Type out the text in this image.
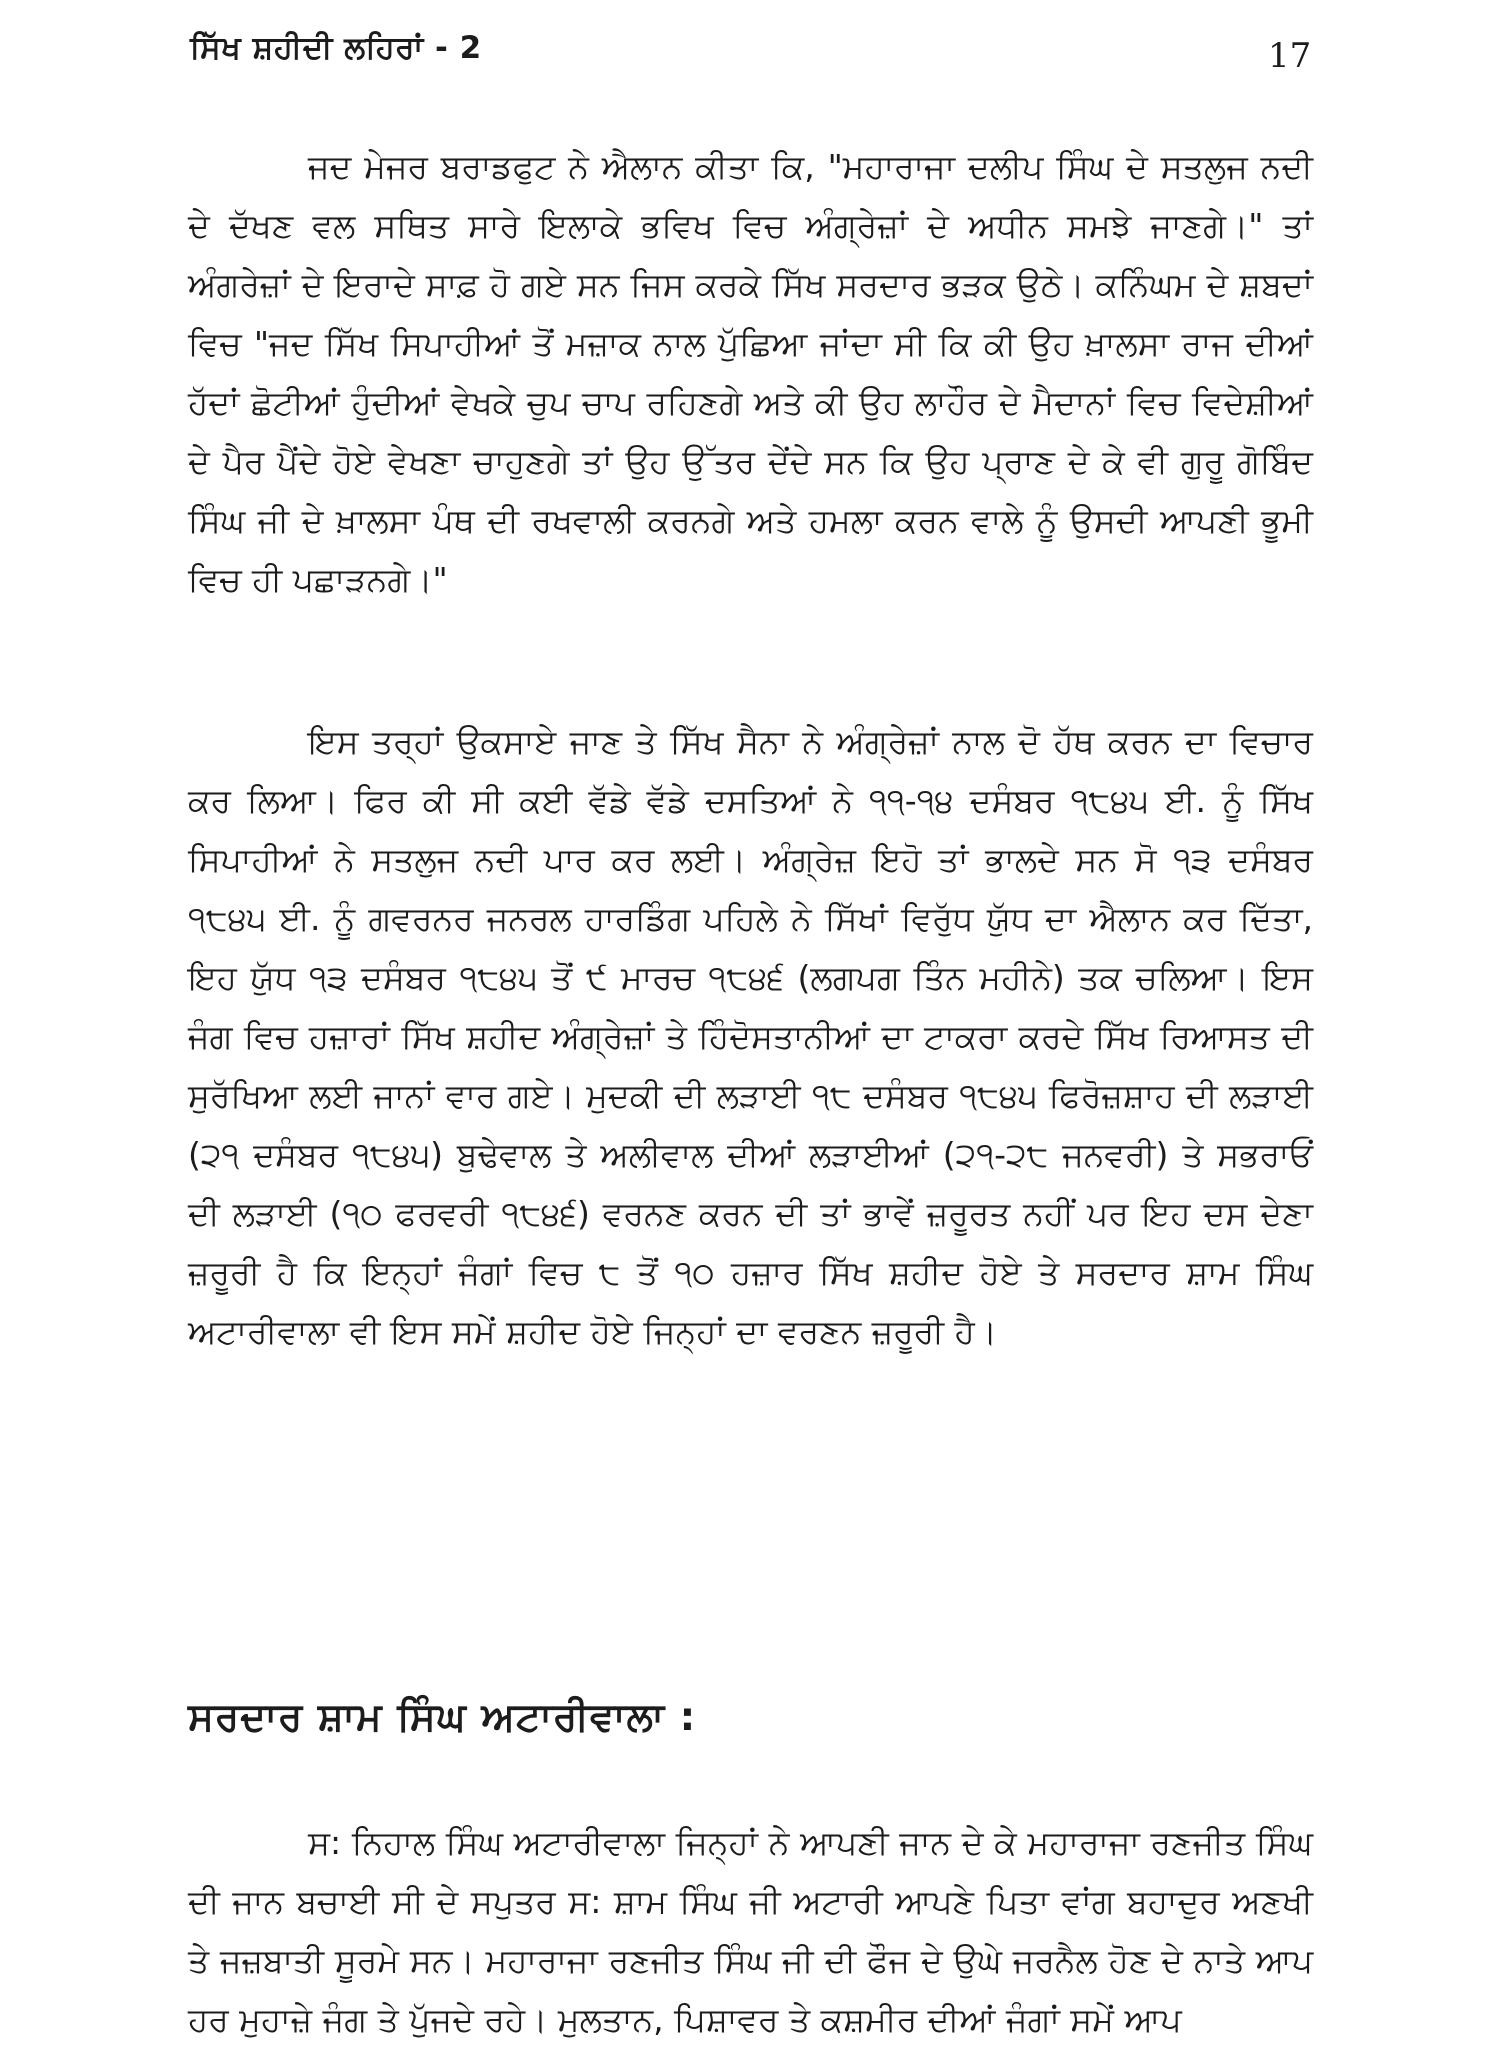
ਸਿੱਖ ਸ਼ਹੀਦੀ ਲਹਿਰਾਂ - 2	17

ਜਦ ਮੇਜਰ ਬਰਾਡਫੁਟ ਨੇ ਐਲਾਨ ਕੀਤਾ ਕਿ, "ਮਹਾਰਾਜਾ ਦਲੀਪ ਸਿੰਘ ਦੇ ਸਤਲੁਜ ਨਦੀ ਦੇ ਦੱਖਣ ਵਲ ਸਥਿਤ ਸਾਰੇ ਇਲਾਕੇ ਭਵਿਖ ਵਿਚ ਅੰਗ੍ਰੇਜ਼ਾਂ ਦੇ ਅਧੀਨ ਸਮਝੇ ਜਾਣਗੇ।" ਤਾਂ ਅੰਗਰੇਜ਼ਾਂ ਦੇ ਇਰਾਦੇ ਸਾਫ਼ ਹੋ ਗਏ ਸਨ ਜਿਸ ਕਰਕੇ ਸਿੱਖ ਸਰਦਾਰ ਭੜਕ ਉਠੇ। ਕਨਿੰਘਮ ਦੇ ਸ਼ਬਦਾਂ ਵਿਚ "ਜਦ ਸਿੱਖ ਸਿਪਾਹੀਆਂ ਤੋਂ ਮਜ਼ਾਕ ਨਾਲ ਪੁੱਛਿਆ ਜਾਂਦਾ ਸੀ ਕਿ ਕੀ ਉਹ ਖ਼ਾਲਸਾ ਰਾਜ ਦੀਆਂ ਹੱਦਾਂ ਛੋਟੀਆਂ ਹੁੰਦੀਆਂ ਵੇਖਕੇ ਚੁਪ ਚਾਪ ਰਹਿਣਗੇ ਅਤੇ ਕੀ ਉਹ ਲਾਹੌਰ ਦੇ ਮੈਦਾਨਾਂ ਵਿਚ ਵਿਦੇਸ਼ੀਆਂ ਦੇ ਪੈਰ ਪੈਂਦੇ ਹੋਏ ਵੇਖਣਾ ਚਾਹੁਣਗੇ ਤਾਂ ਉਹ ਉੱਤਰ ਦੇਂਦੇ ਸਨ ਕਿ ਉਹ ਪ੍ਰਾਣ ਦੇ ਕੇ ਵੀ ਗੁਰੂ ਗੋਬਿੰਦ ਸਿੰਘ ਜੀ ਦੇ ਖ਼ਾਲਸਾ ਪੰਥ ਦੀ ਰਖਵਾਲੀ ਕਰਨਗੇ ਅਤੇ ਹਮਲਾ ਕਰਨ ਵਾਲੇ ਨੂੰ ਉਸਦੀ ਆਪਣੀ ਭੂਮੀ ਵਿਚ ਹੀ ਪਛਾੜਨਗੇ।"

ਇਸ ਤਰ੍ਹਾਂ ਉਕਸਾਏ ਜਾਣ ਤੇ ਸਿੱਖ ਸੈਨਾ ਨੇ ਅੰਗ੍ਰੇਜ਼ਾਂ ਨਾਲ ਦੋ ਹੱਥ ਕਰਨ ਦਾ ਵਿਚਾਰ ਕਰ ਲਿਆ। ਫਿਰ ਕੀ ਸੀ ਕਈ ਵੱਡੇ ਵੱਡੇ ਦਸਤਿਆਂ ਨੇ ੧੧-੧੪ ਦਸੰਬਰ ੧੮੪੫ ਈ. ਨੂੰ ਸਿੱਖ ਸਿਪਾਹੀਆਂ ਨੇ ਸਤਲੁਜ ਨਦੀ ਪਾਰ ਕਰ ਲਈ। ਅੰਗ੍ਰੇਜ਼ ਇਹੋ ਤਾਂ ਭਾਲਦੇ ਸਨ ਸੋ ੧੩ ਦਸੰਬਰ ੧੮੪੫ ਈ. ਨੂੰ ਗਵਰਨਰ ਜਨਰਲ ਹਾਰਡਿੰਗ ਪਹਿਲੇ ਨੇ ਸਿੱਖਾਂ ਵਿਰੁੱਧ ਯੁੱਧ ਦਾ ਐਲਾਨ ਕਰ ਦਿੱਤਾ, ਇਹ ਯੁੱਧ ੧੩ ਦਸੰਬਰ ੧੮੪੫ ਤੋਂ ੯ ਮਾਰਚ ੧੮੪੬ (ਲਗਪਗ ਤਿੰਨ ਮਹੀਨੇ) ਤਕ ਚਲਿਆ। ਇਸ ਜੰਗ ਵਿਚ ਹਜ਼ਾਰਾਂ ਸਿੱਖ ਸ਼ਹੀਦ ਅੰਗ੍ਰੇਜ਼ਾਂ ਤੇ ਹਿੰਦੋਸਤਾਨੀਆਂ ਦਾ ਟਾਕਰਾ ਕਰਦੇ ਸਿੱਖ ਰਿਆਸਤ ਦੀ ਸੁਰੱਖਿਆ ਲਈ ਜਾਨਾਂ ਵਾਰ ਗਏ। ਮੁਦਕੀ ਦੀ ਲੜਾਈ ੧੮ ਦਸੰਬਰ ੧੮੪੫ ਫਿਰੋਜ਼ਸ਼ਾਹ ਦੀ ਲੜਾਈ (੨੧ ਦਸੰਬਰ ੧੮੪੫) ਬੁਢੇਵਾਲ ਤੇ ਅਲੀਵਾਲ ਦੀਆਂ ਲੜਾਈਆਂ (੨੧-੨੮ ਜਨਵਰੀ) ਤੇ ਸਭਰਾਓਂ ਦੀ ਲੜਾਈ (੧੦ ਫਰਵਰੀ ੧੮੪੬) ਵਰਨਣ ਕਰਨ ਦੀ ਤਾਂ ਭਾਵੇਂ ਜ਼ਰੂਰਤ ਨਹੀਂ ਪਰ ਇਹ ਦਸ ਦੇਣਾ ਜ਼ਰੂਰੀ ਹੈ ਕਿ ਇਨ੍ਹਾਂ ਜੰਗਾਂ ਵਿਚ ੮ ਤੋਂ ੧੦ ਹਜ਼ਾਰ ਸਿੱਖ ਸ਼ਹੀਦ ਹੋਏ ਤੇ ਸਰਦਾਰ ਸ਼ਾਮ ਸਿੰਘ ਅਟਾਰੀਵਾਲਾ ਵੀ ਇਸ ਸਮੇਂ ਸ਼ਹੀਦ ਹੋਏ ਜਿਨ੍ਹਾਂ ਦਾ ਵਰਣਨ ਜ਼ਰੂਰੀ ਹੈ।

ਸਰਦਾਰ ਸ਼ਾਮ ਸਿੰਘ ਅਟਾਰੀਵਾਲਾ :

ਸ: ਨਿਹਾਲ ਸਿੰਘ ਅਟਾਰੀਵਾਲਾ ਜਿਨ੍ਹਾਂ ਨੇ ਆਪਣੀ ਜਾਨ ਦੇ ਕੇ ਮਹਾਰਾਜਾ ਰਣਜੀਤ ਸਿੰਘ ਦੀ ਜਾਨ ਬਚਾਈ ਸੀ ਦੇ ਸਪੁਤਰ ਸ: ਸ਼ਾਮ ਸਿੰਘ ਜੀ ਅਟਾਰੀ ਆਪਣੇ ਪਿਤਾ ਵਾਂਗ ਬਹਾਦੁਰ ਅਣਖੀ ਤੇ ਜਜ਼ਬਾਤੀ ਸੂਰਮੇ ਸਨ। ਮਹਾਰਾਜਾ ਰਣਜੀਤ ਸਿੰਘ ਜੀ ਦੀ ਫੌਜ ਦੇ ਉਘੇ ਜਰਨੈਲ ਹੋਣ ਦੇ ਨਾਤੇ ਆਪ ਹਰ ਮੁਹਾਜ਼ੇ ਜੰਗ ਤੇ ਪੁੱਜਦੇ ਰਹੇ। ਮੁਲਤਾਨ, ਪਿਸ਼ਾਵਰ ਤੇ ਕਸ਼ਮੀਰ ਦੀਆਂ ਜੰਗਾਂ ਸਮੇਂ ਆਪ
